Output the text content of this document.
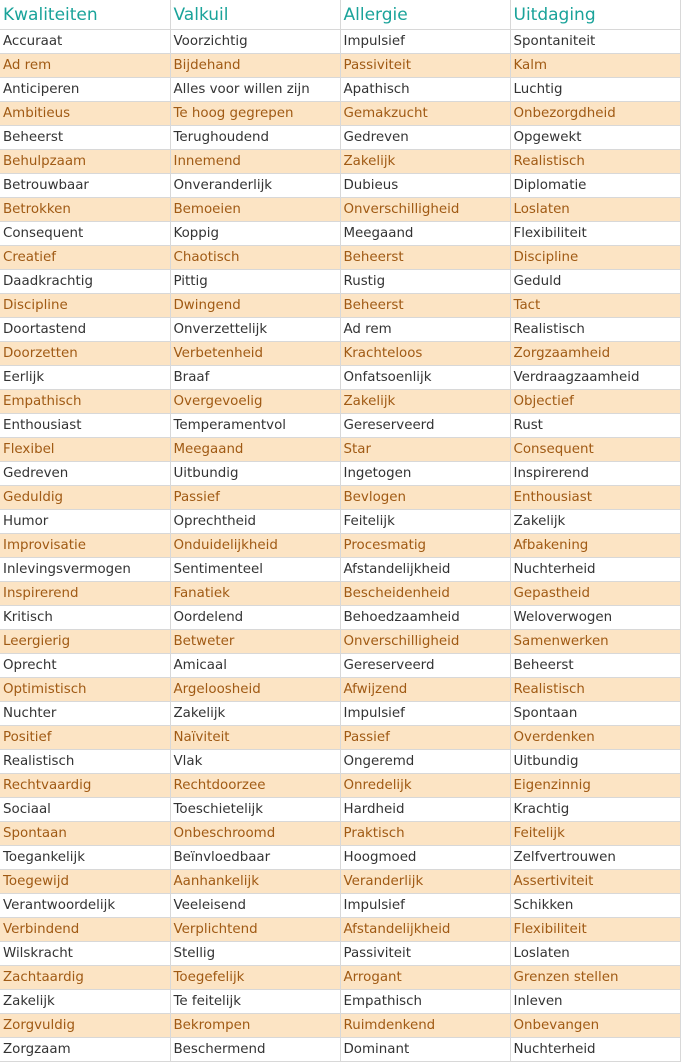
Kwaliteiten	Valkuil	Allergie	Uitdaging
Accuraat	Voorzichtig	Impulsief	Spontaniteit
Ad rem	Bijdehand	Passiviteit	Kalm
Anticiperen	Alles voor willen zijn	Apathisch	Luchtig
Ambitieus	Te hoog gegrepen	Gemakzucht	Onbezorgdheid
Beheerst	Terughoudend	Gedreven	Opgewekt
Behulpzaam	Innemend	Zakelijk	Realistisch
Betrouwbaar	Onveranderlijk	Dubieus	Diplomatie
Betrokken	Bemoeien	Onverschilligheid	Loslaten
Consequent	Koppig	Meegaand	Flexibiliteit
Creatief	Chaotisch	Beheerst	Discipline
Daadkrachtig	Pittig	Rustig	Geduld
Discipline	Dwingend	Beheerst	Tact
Doortastend	Onverzettelijk	Ad rem	Realistisch
Doorzetten	Verbetenheid	Krachteloos	Zorgzaamheid
Eerlijk	Braaf	Onfatsoenlijk	Verdraagzaamheid
Empathisch	Overgevoelig	Zakelijk	Objectief
Enthousiast	Temperamentvol	Gereserveerd	Rust
Flexibel	Meegaand	Star	Consequent
Gedreven	Uitbundig	Ingetogen	Inspirerend
Geduldig	Passief	Bevlogen	Enthousiast
Humor	Oprechtheid	Feitelijk	Zakelijk
Improvisatie	Onduidelijkheid	Procesmatig	Afbakening
Inlevingsvermogen	Sentimenteel	Afstandelijkheid	Nuchterheid
Inspirerend	Fanatiek	Bescheidenheid	Gepastheid
Kritisch	Oordelend	Behoedzaamheid	Weloverwogen
Leergierig	Betweter	Onverschilligheid	Samenwerken
Oprecht	Amicaal	Gereserveerd	Beheerst
Optimistisch	Argeloosheid	Afwijzend	Realistisch
Nuchter	Zakelijk	Impulsief	Spontaan
Positief	Naïviteit	Passief	Overdenken
Realistisch	Vlak	Ongeremd	Uitbundig
Rechtvaardig	Rechtdoorzee	Onredelijk	Eigenzinnig
Sociaal	Toeschietelijk	Hardheid	Krachtig
Spontaan	Onbeschroomd	Praktisch	Feitelijk
Toegankelijk	Beïnvloedbaar	Hoogmoed	Zelfvertrouwen
Toegewijd	Aanhankelijk	Veranderlijk	Assertiviteit
Verantwoordelijk	Veeleisend	Impulsief	Schikken
Verbindend	Verplichtend	Afstandelijkheid	Flexibiliteit
Wilskracht	Stellig	Passiviteit	Loslaten
Zachtaardig	Toegefelijk	Arrogant	Grenzen stellen
Zakelijk	Te feitelijk	Empathisch	Inleven
Zorgvuldig	Bekrompen	Ruimdenkend	Onbevangen
Zorgzaam	Beschermend	Dominant	Nuchterheid
